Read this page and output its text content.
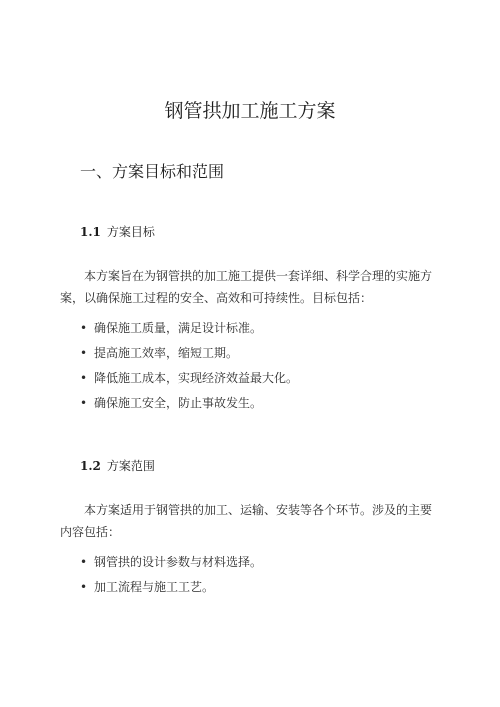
钢管拱加工施工方案
一、方案目标和范围
1.1 方案目标

本方案旨在为钢管拱的加工施工提供一套详细、科学合理的实施方案，以确保施工过程的安全、高效和可持续性。目标包括：

• 确保施工质量，满足设计标准。
• 提高施工效率，缩短工期。
• 降低施工成本，实现经济效益最大化。
• 确保施工安全，防止事故发生。
1.2 方案范围

本方案适用于钢管拱的加工、运输、安装等各个环节。涉及的主要内容包括：

• 钢管拱的设计参数与材料选择。
• 加工流程与施工工艺。
